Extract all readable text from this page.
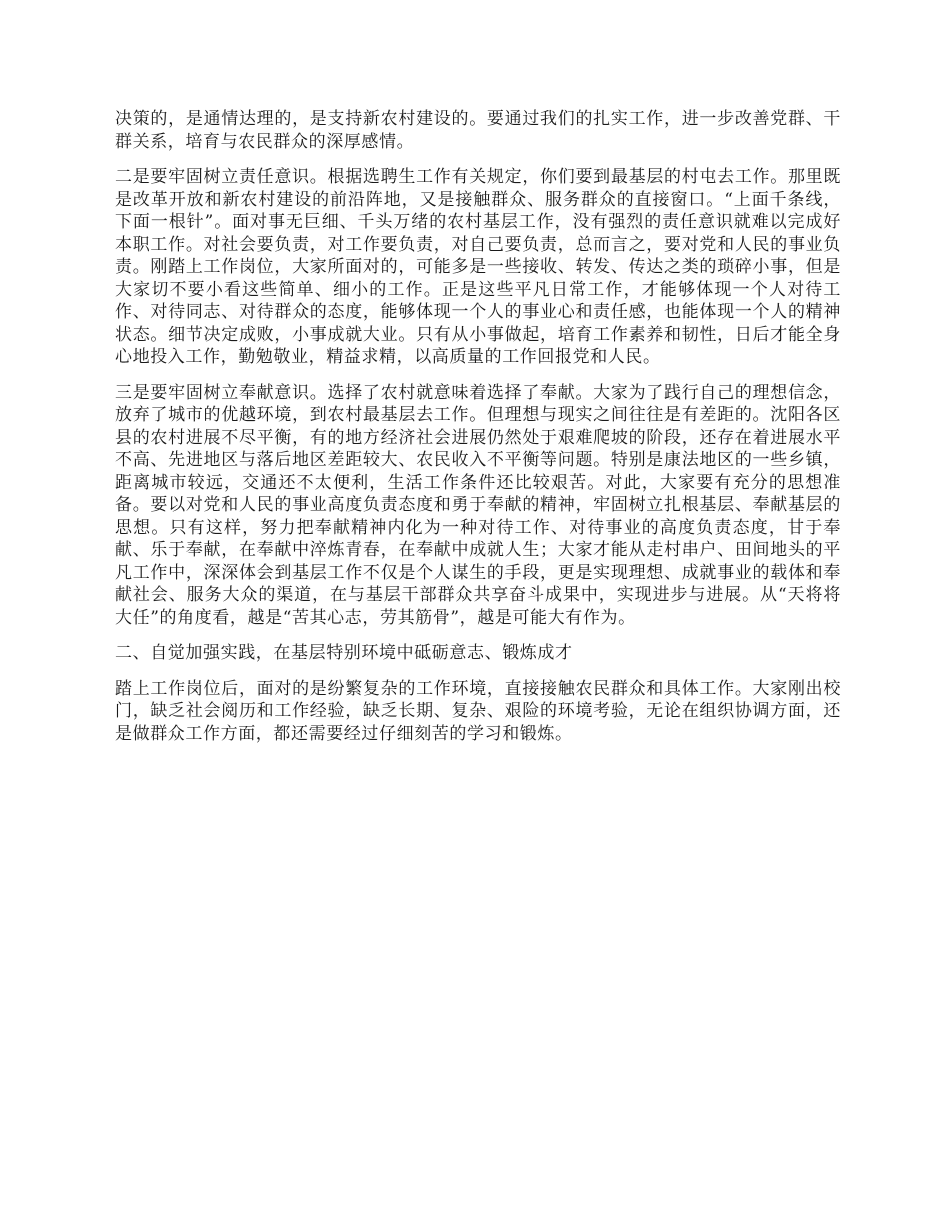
决策的，是通情达理的，是支持新农村建设的。要通过我们的扎实工作，进一步改善党群、干群关系，培育与农民群众的深厚感情。

二是要牢固树立责任意识。根据选聘生工作有关规定，你们要到最基层的村屯去工作。那里既是改革开放和新农村建设的前沿阵地，又是接触群众、服务群众的直接窗口。“上面千条线，下面一根针”。面对事无巨细、千头万绪的农村基层工作，没有强烈的责任意识就难以完成好本职工作。对社会要负责，对工作要负责，对自己要负责，总而言之，要对党和人民的事业负责。刚踏上工作岗位，大家所面对的，可能多是一些接收、转发、传达之类的琐碎小事，但是大家切不要小看这些简单、细小的工作。正是这些平凡日常工作，才能够体现一个人对待工作、对待同志、对待群众的态度，能够体现一个人的事业心和责任感，也能体现一个人的精神状态。细节决定成败，小事成就大业。只有从小事做起，培育工作素养和韧性，日后才能全身心地投入工作，勤勉敬业，精益求精，以高质量的工作回报党和人民。

三是要牢固树立奉献意识。选择了农村就意味着选择了奉献。大家为了践行自己的理想信念，放弃了城市的优越环境，到农村最基层去工作。但理想与现实之间往往是有差距的。沈阳各区县的农村进展不尽平衡，有的地方经济社会进展仍然处于艰难爬坡的阶段，还存在着进展水平不高、先进地区与落后地区差距较大、农民收入不平衡等问题。特别是康法地区的一些乡镇，距离城市较远，交通还不太便利，生活工作条件还比较艰苦。对此，大家要有充分的思想准备。要以对党和人民的事业高度负责态度和勇于奉献的精神，牢固树立扎根基层、奉献基层的思想。只有这样，努力把奉献精神内化为一种对待工作、对待事业的高度负责态度，甘于奉献、乐于奉献，在奉献中淬炼青春，在奉献中成就人生；大家才能从走村串户、田间地头的平凡工作中，深深体会到基层工作不仅是个人谋生的手段，更是实现理想、成就事业的载体和奉献社会、服务大众的渠道，在与基层干部群众共享奋斗成果中，实现进步与进展。从“天将将大任”的角度看，越是“苦其心志，劳其筋骨”，越是可能大有作为。

二、自觉加强实践，在基层特别环境中砥砺意志、锻炼成才

踏上工作岗位后，面对的是纷繁复杂的工作环境，直接接触农民群众和具体工作。大家刚出校门，缺乏社会阅历和工作经验，缺乏长期、复杂、艰险的环境考验，无论在组织协调方面，还是做群众工作方面，都还需要经过仔细刻苦的学习和锻炼。
